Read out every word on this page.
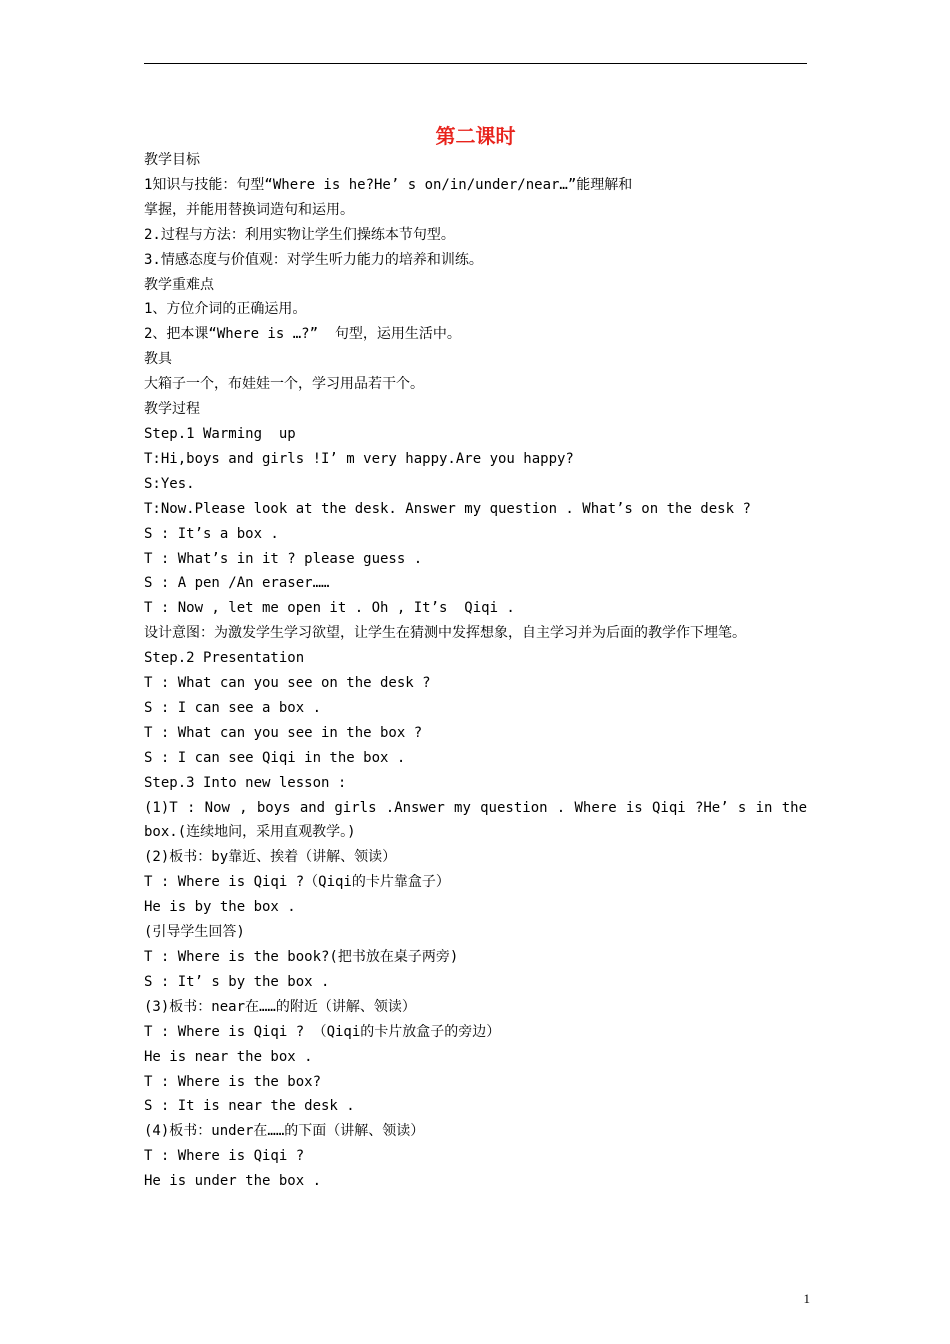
第二课时
教学目标
1知识与技能：句型“Where is he?He’ s on/in/under/near…”能理解和
掌握，并能用替换词造句和运用。
2.过程与方法：利用实物让学生们操练本节句型。
3.情感态度与价值观：对学生听力能力的培养和训练。
教学重难点
1、方位介词的正确运用。
2、把本课“Where is …?”  句型，运用生活中。
教具
大箱子一个，布娃娃一个，学习用品若干个。
教学过程
Step.1 Warming  up
T:Hi,boys and girls !I’ m very happy.Are you happy?
S:Yes.
T:Now.Please look at the desk. Answer my question . What’s on the desk ?
S : It’s a box .
T : What’s in it ? please guess .
S : A pen /An eraser……
T : Now , let me open it . Oh , It’s  Qiqi .
设计意图：为激发学生学习欲望，让学生在猜测中发挥想象，自主学习并为后面的教学作下埋笔。
Step.2 Presentation
T : What can you see on the desk ?
S : I can see a box .
T : What can you see in the box ?
S : I can see Qiqi in the box .
Step.3 Into new lesson :
(1)T : Now , boys and girls .Answer my question . Where is Qiqi ?He’ s in the box.(连续地问，采用直观教学。)
(2)板书：by靠近、挨着（讲解、领读）
T : Where is Qiqi ?（Qiqi的卡片靠盒子）
He is by the box .
(引导学生回答)
T : Where is the book?(把书放在桌子两旁)
S : It’ s by the box .
(3)板书：near在……的附近（讲解、领读）
T : Where is Qiqi ? （Qiqi的卡片放盒子的旁边）
He is near the box .
T : Where is the box?
S : It is near the desk .
(4)板书：under在……的下面（讲解、领读）
T : Where is Qiqi ?
He is under the box .
1
